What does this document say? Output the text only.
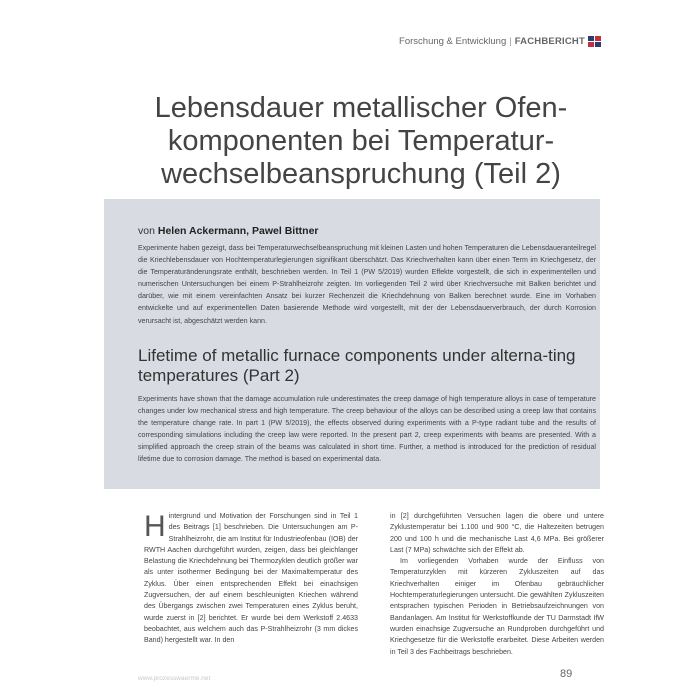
Forschung & Entwicklung | FACHBERICHT
Lebensdauer metallischer Ofen-komponenten bei Temperatur-wechselbeanspruchung (Teil 2)
von Helen Ackermann, Pawel Bittner

Experimente haben gezeigt, dass bei Temperaturwechselbeanspruchung mit kleinen Lasten und hohen Temperaturen die Lebensdaueranteilregel die Kriechlebensdauer von Hochtemperaturlegierungen signifikant überschätzt. Das Kriechverhalten kann über einen Term im Kriechgesetz, der die Temperaturänderungsrate enthält, beschrieben werden. In Teil 1 (PW 5/2019) wurden Effekte vorgestellt, die sich in experimentellen und numerischen Untersuchungen bei einem P-Strahlheizrohr zeigten. Im vorliegenden Teil 2 wird über Kriechversuche mit Balken berichtet und darüber, wie mit einem vereinfachten Ansatz bei kurzer Rechenzeit die Kriechdehnung von Balken berechnet wurde. Eine im Vorhaben entwickelte und auf experimentellen Daten basierende Methode wird vorgestellt, mit der der Lebensdauerverbrauch, der durch Korrosion verursacht ist, abgeschätzt werden kann.

Lifetime of metallic furnace components under alterna-ting temperatures (Part 2)

Experiments have shown that the damage accumulation rule underestimates the creep damage of high temperature alloys in case of temperature changes under low mechanical stress and high temperature. The creep behaviour of the alloys can be described using a creep law that contains the temperature change rate. In part 1 (PW 5/2019), the effects observed during experiments with a P-type radiant tube and the results of corresponding simulations including the creep law were reported. In the present part 2, creep experiments with beams are presented. With a simplified approach the creep strain of the beams was calculated in short time. Further, a method is introduced for the prediction of residual lifetime due to corrosion damage. The method is based on experimental data.

H intergrund und Motivation der Forschungen sind in Teil 1 des Beitrags [1] beschrieben. Die Untersuchungen am P-Strahlheizrohr, die am Institut für Industrieofenbau (IOB) der RWTH Aachen durchgeführt wurden, zeigen, dass bei gleichlanger Belastung die Kriechdehnung bei Thermozyklen deutlich größer war als unter isothermer Bedingung bei der Maximaltemperatur des Zyklus. Über einen entsprechenden Effekt bei einachsigen Zugversuchen, der auf einem beschleunigten Kriechen während des Übergangs zwischen zwei Temperaturen eines Zyklus beruht, wurde zuerst in [2] berichtet. Er wurde bei dem Werkstoff 2.4633 beobachtet, aus welchem auch das P-Strahlheizrohr (3 mm dickes Band) hergestellt war. In den

in [2] durchgeführten Versuchen lagen die obere und untere Zyklustemperatur bei 1.100 und 900 °C, die Haltezeiten betrugen 200 und 100 h und die mechanische Last 4,6 MPa. Bei größerer Last (7 MPa) schwächte sich der Effekt ab.

Im vorliegenden Vorhaben wurde der Einfluss von Temperaturzyklen mit kürzeren Zykluszeiten auf das Kriechverhalten einiger im Ofenbau gebräuchlicher Hochtemperaturlegierungen untersucht. Die gewählten Zykluszeiten entsprachen typischen Perioden in Betriebsaufzeichnungen von Bandanlagen. Am Institut für Werkstoffkunde der TU Darmstadt IfW wurden einachsige Zugversuche an Rundproben durchgeführt und Kriechgesetze für die Werkstoffe erarbeitet. Diese Arbeiten werden in Teil 3 des Fachbeitrags beschrieben.

www.prozesswaerme.net	89
